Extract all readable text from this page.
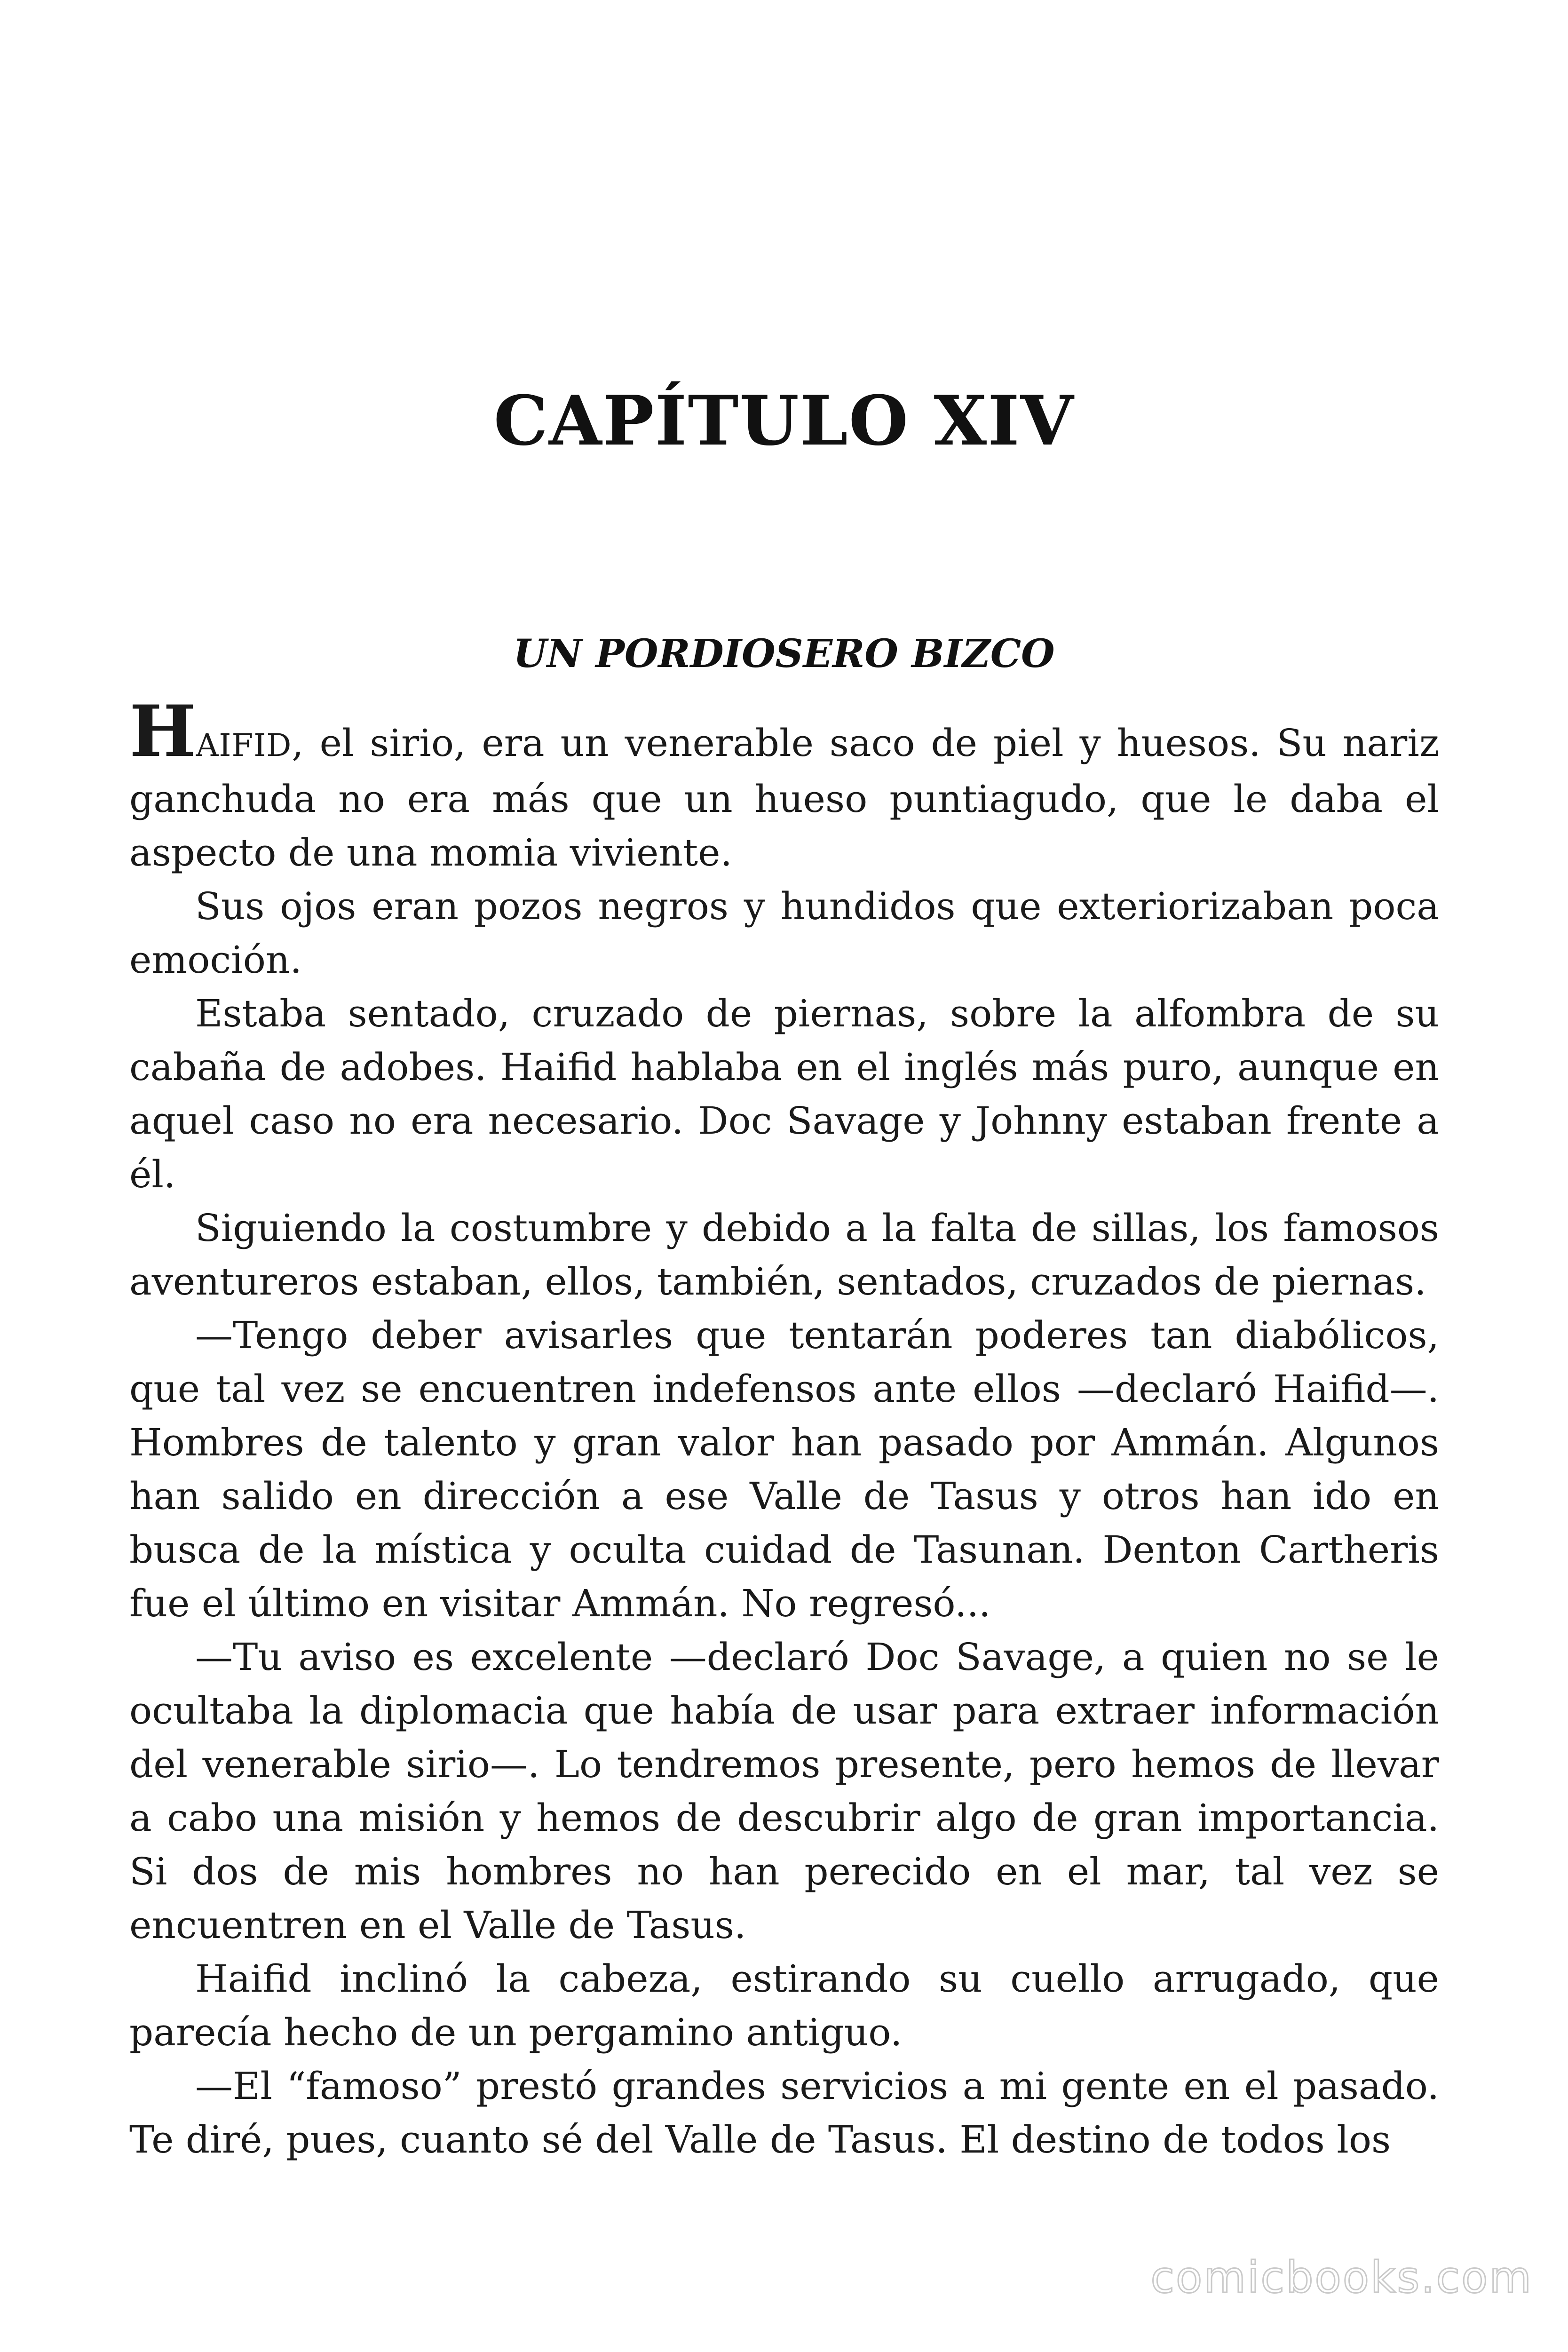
CAPÍTULO XIV
UN PORDIOSERO BIZCO

HAIFID, el sirio, era un venerable saco de piel y huesos. Su nariz ganchuda no era más que un hueso puntiagudo, que le daba el aspecto de una momia viviente.

Sus ojos eran pozos negros y hundidos que exteriorizaban poca emoción.

Estaba sentado, cruzado de piernas, sobre la alfombra de su cabaña de adobes. Haifid hablaba en el inglés más puro, aunque en aquel caso no era necesario. Doc Savage y Johnny estaban frente a él.

Siguiendo la costumbre y debido a la falta de sillas, los famosos aventureros estaban, ellos, también, sentados, cruzados de piernas.

—Tengo deber avisarles que tentarán poderes tan diabólicos, que tal vez se encuentren indefensos ante ellos —declaró Haifid—. Hombres de talento y gran valor han pasado por Ammán. Algunos han salido en dirección a ese Valle de Tasus y otros han ido en busca de la mística y oculta cuidad de Tasunan. Denton Cartheris fue el último en visitar Ammán. No regresó...

—Tu aviso es excelente —declaró Doc Savage, a quien no se le ocultaba la diplomacia que había de usar para extraer información del venerable sirio—. Lo tendremos presente, pero hemos de llevar a cabo una misión y hemos de descubrir algo de gran importancia. Si dos de mis hombres no han perecido en el mar, tal vez se encuentren en el Valle de Tasus.

Haifid inclinó la cabeza, estirando su cuello arrugado, que parecía hecho de un pergamino antiguo.

—El “famoso” prestó grandes servicios a mi gente en el pasado. Te diré, pues, cuanto sé del Valle de Tasus. El destino de todos los

comicbooks.com
